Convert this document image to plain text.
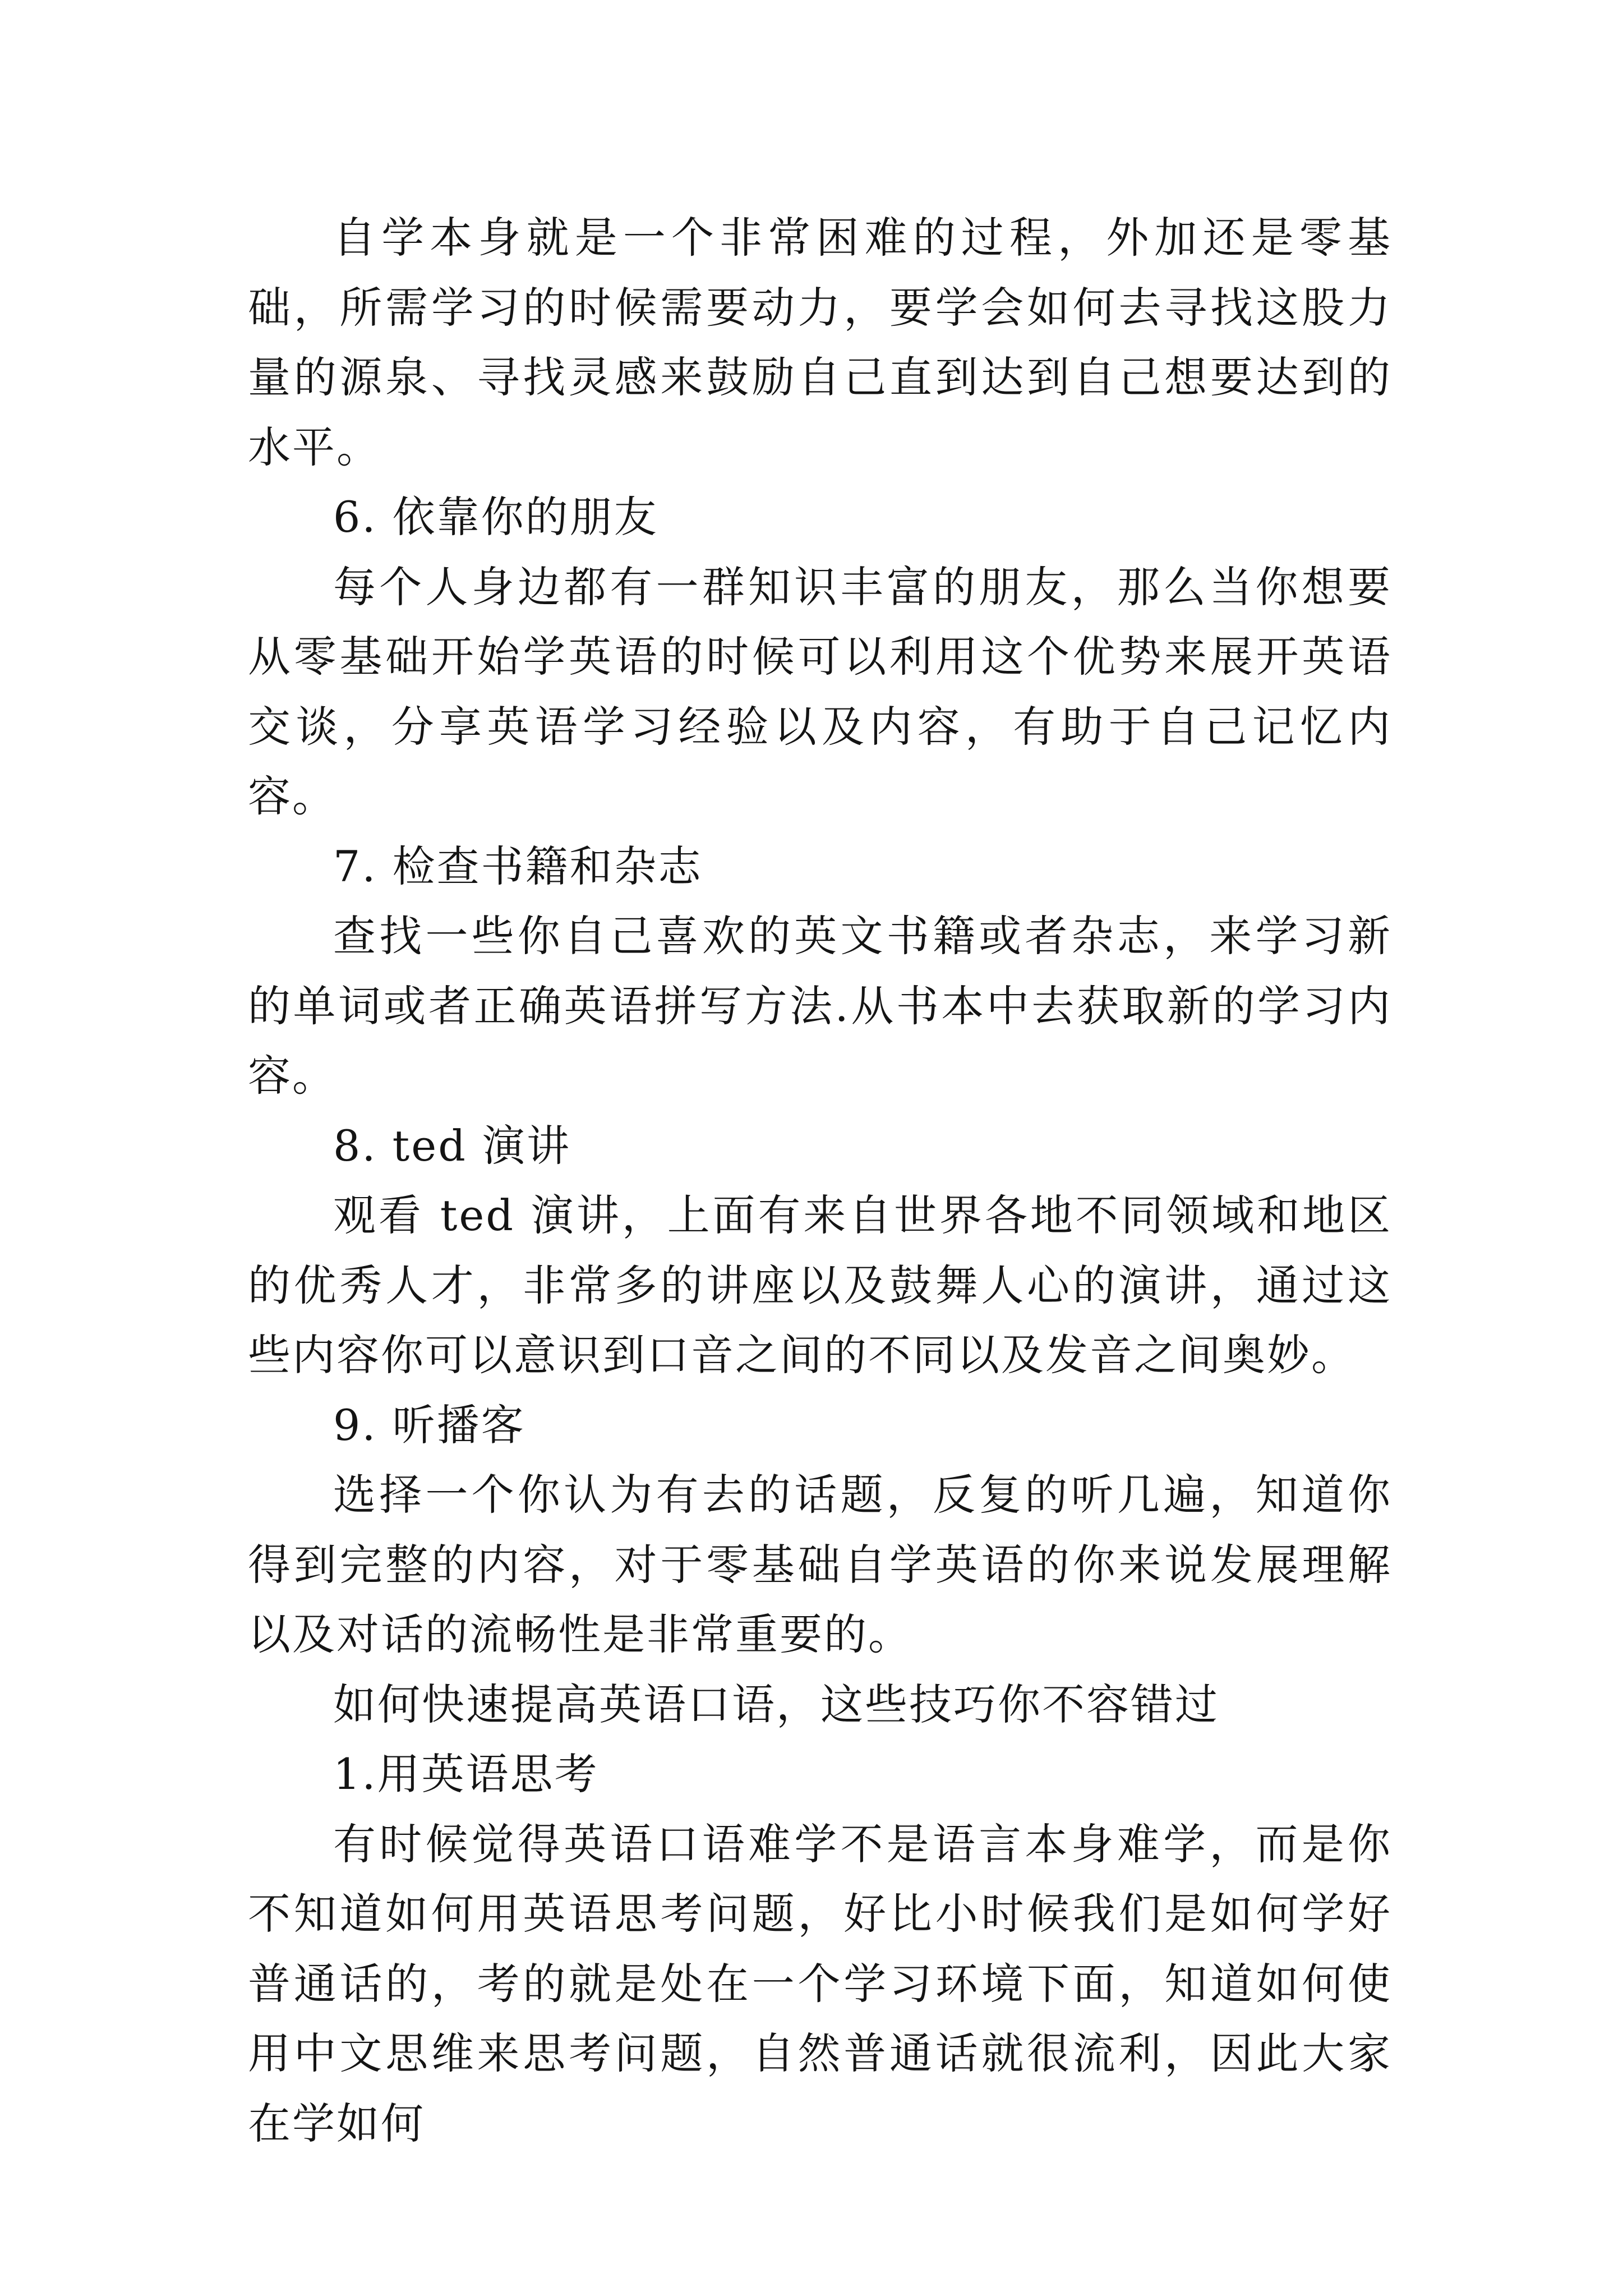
自学本身就是一个非常困难的过程，外加还是零基础，所需学习的时候需要动力，要学会如何去寻找这股力量的源泉、寻找灵感来鼓励自己直到达到自己想要达到的水平。

6. 依靠你的朋友

每个人身边都有一群知识丰富的朋友，那么当你想要从零基础开始学英语的时候可以利用这个优势来展开英语交谈，分享英语学习经验以及内容，有助于自己记忆内容。

7. 检查书籍和杂志

查找一些你自己喜欢的英文书籍或者杂志，来学习新的单词或者正确英语拼写方法.从书本中去获取新的学习内容。

8. ted 演讲

观看 ted 演讲，上面有来自世界各地不同领域和地区的优秀人才，非常多的讲座以及鼓舞人心的演讲，通过这些内容你可以意识到口音之间的不同以及发音之间奥妙。

9. 听播客

选择一个你认为有去的话题，反复的听几遍，知道你得到完整的内容，对于零基础自学英语的你来说发展理解以及对话的流畅性是非常重要的。

如何快速提高英语口语，这些技巧你不容错过

1.用英语思考

有时候觉得英语口语难学不是语言本身难学，而是你不知道如何用英语思考问题，好比小时候我们是如何学好普通话的，考的就是处在一个学习环境下面，知道如何使用中文思维来思考问题，自然普通话就很流利，因此大家在学如何
